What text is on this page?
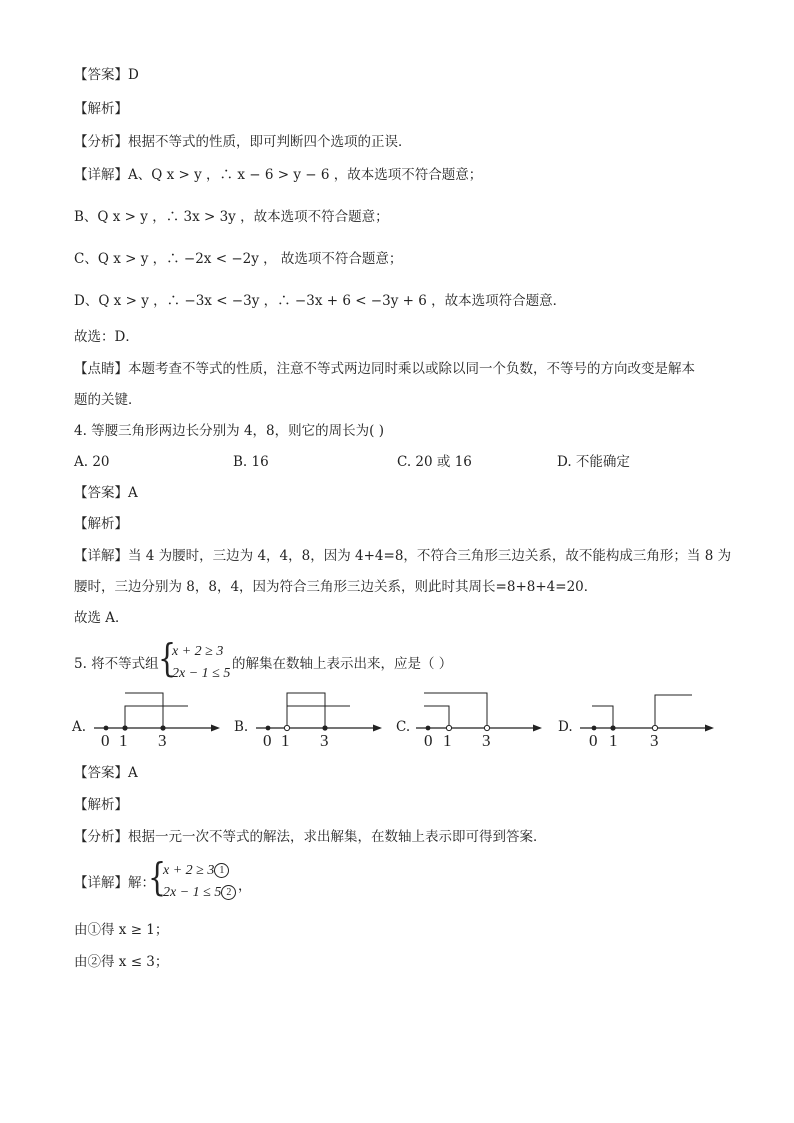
【答案】D
【解析】
【分析】根据不等式的性质，即可判断四个选项的正误．
【详解】A、Q x > y ，∴ x − 6 > y − 6 ，故本选项不符合题意；
B、Q x > y ，∴ 3x > 3y ，故本选项不符合题意；
C、Q x > y ，∴ −2x < −2y ， 故选项不符合题意；
D、Q x > y ，∴ −3x < −3y ，∴ −3x + 6 < −3y + 6 ，故本选项符合题意．
故选：D．
【点睛】本题考查不等式的性质，注意不等式两边同时乘以或除以同一个负数，不等号的方向改变是解本
题的关键．
4. 等腰三角形两边长分别为 4，8，则它的周长为( )
A. 20	B. 16	C. 20 或 16	D. 不能确定
【答案】A
【解析】
【详解】当 4 为腰时，三边为 4，4，8，因为 4+4=8，不符合三角形三边关系，故不能构成三角形；当 8 为
腰时，三边分别为 8，8，4，因为符合三角形三边关系，则此时其周长=8+8+4=20．
故选 A．
5. 将不等式组 {
x + 2 ≥ 3
2x − 1 ≤ 5
的解集在数轴上表示出来，应是（ ）
A.
0 1 3
B.
0 1 3
C.
0 1 3
D.
0 1 3
【答案】A
【解析】
【分析】根据一元一次不等式的解法，求出解集，在数轴上表示即可得到答案．
【详解】解：
{
x + 2 ≥ 3 1
2x − 1 ≤ 5 2 ，
由①得 x ≥ 1；
由②得 x ≤ 3；
